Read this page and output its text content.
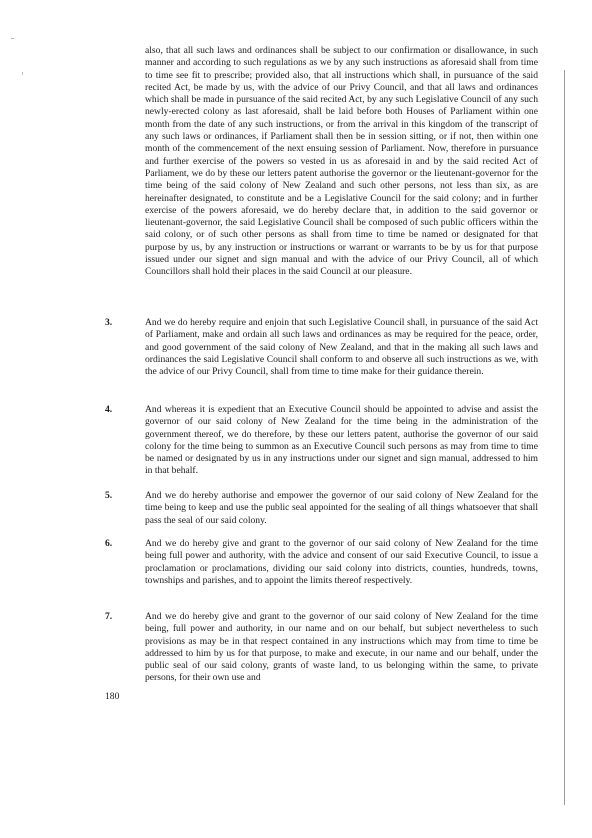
also, that all such laws and ordinances shall be subject to our confirmation or disallowance, in such manner and according to such regulations as we by any such instructions as aforesaid shall from time to time see fit to prescribe; provided also, that all instructions which shall, in pursuance of the said recited Act, be made by us, with the advice of our Privy Council, and that all laws and ordinances which shall be made in pursuance of the said recited Act, by any such Legislative Council of any such newly-erected colony as last aforesaid, shall be laid before both Houses of Parliament within one month from the date of any such instructions, or from the arrival in this kingdom of the transcript of any such laws or ordinances, if Parliament shall then be in session sitting, or if not, then within one month of the commencement of the next ensuing session of Parliament. Now, therefore in pursuance and further exercise of the powers so vested in us as aforesaid in and by the said recited Act of Parliament, we do by these our letters patent authorise the governor or the lieutenant-governor for the time being of the said colony of New Zealand and such other persons, not less than six, as are hereinafter designated, to constitute and be a Legislative Council for the said colony; and in further exercise of the powers aforesaid, we do hereby declare that, in addition to the said governor or lieutenant-governor, the said Legislative Council shall be composed of such public officers within the said colony, or of such other persons as shall from time to time be named or designated for that purpose by us, by any instruction or instructions or warrant or warrants to be by us for that purpose issued under our signet and sign manual and with the advice of our Privy Council, all of which Councillors shall hold their places in the said Council at our pleasure.

3.	And we do hereby require and enjoin that such Legislative Council shall, in pursuance of the said Act of Parliament, make and ordain all such laws and ordinances as may be required for the peace, order, and good government of the said colony of New Zealand, and that in the making all such laws and ordinances the said Legislative Council shall conform to and observe all such instructions as we, with the advice of our Privy Council, shall from time to time make for their guidance therein.

4.	And whereas it is expedient that an Executive Council should be appointed to advise and assist the governor of our said colony of New Zealand for the time being in the administration of the government thereof, we do therefore, by these our letters patent, authorise the governor of our said colony for the time being to summon as an Executive Council such persons as may from time to time be named or designated by us in any instructions under our signet and sign manual, addressed to him in that behalf.

5.	And we do hereby authorise and empower the governor of our said colony of New Zealand for the time being to keep and use the public seal appointed for the sealing of all things whatsoever that shall pass the seal of our said colony.

6.	And we do hereby give and grant to the governor of our said colony of New Zealand for the time being full power and authority, with the advice and consent of our said Executive Council, to issue a proclamation or proclamations, dividing our said colony into districts, counties, hundreds, towns, townships and parishes, and to appoint the limits thereof respectively.

7.	And we do hereby give and grant to the governor of our said colony of New Zealand for the time being, full power and authority, in our name and on our behalf, but subject nevertheless to such provisions as may be in that respect contained in any instructions which may from time to time be addressed to him by us for that purpose, to make and execute, in our name and our behalf, under the public seal of our said colony, grants of waste land, to us belonging within the same, to private persons, for their own use and

180
